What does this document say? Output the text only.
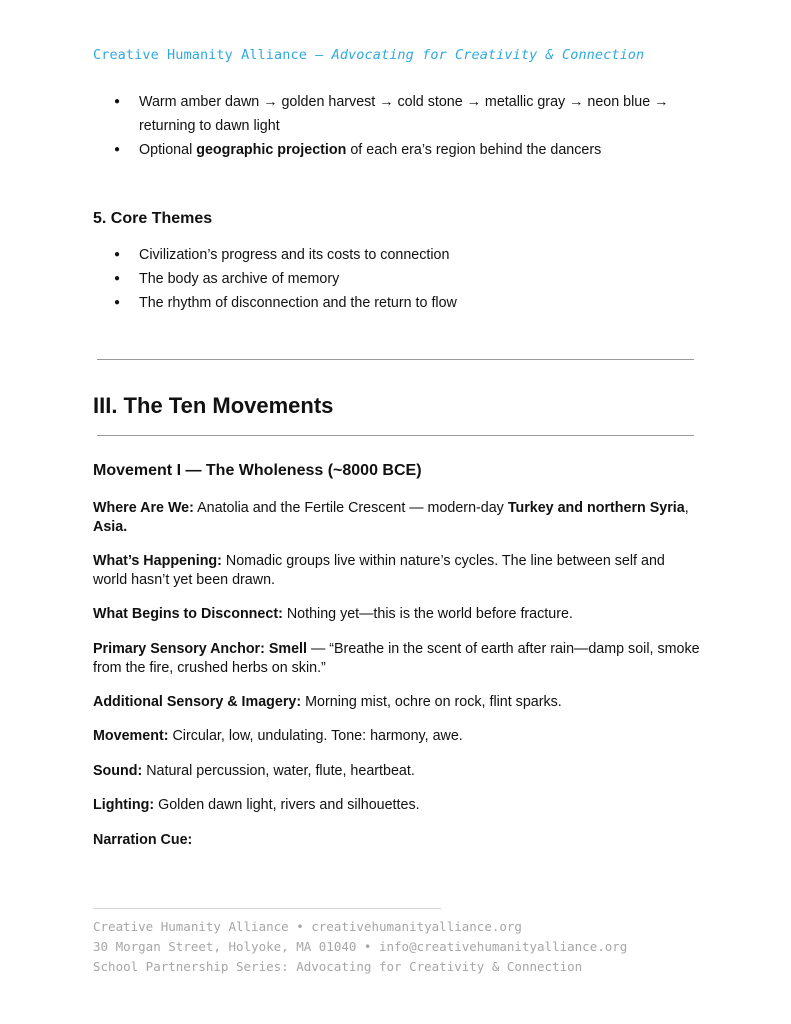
Creative Humanity Alliance — Advocating for Creativity & Connection
● Warm amber dawn → golden harvest → cold stone → metallic gray → neon blue → returning to dawn light
● Optional geographic projection of each era’s region behind the dancers
5. Core Themes
● Civilization’s progress and its costs to connection
● The body as archive of memory
● The rhythm of disconnection and the return to flow
III. The Ten Movements
Movement I — The Wholeness (~8000 BCE)

Where Are We: Anatolia and the Fertile Crescent — modern-day Turkey and northern Syria, Asia.

What’s Happening: Nomadic groups live within nature’s cycles. The line between self and world hasn’t yet been drawn.

What Begins to Disconnect: Nothing yet—this is the world before fracture.

Primary Sensory Anchor: Smell — “Breathe in the scent of earth after rain—damp soil, smoke from the fire, crushed herbs on skin.”

Additional Sensory & Imagery: Morning mist, ochre on rock, flint sparks.

Movement: Circular, low, undulating. Tone: harmony, awe.

Sound: Natural percussion, water, flute, heartbeat.

Lighting: Golden dawn light, rivers and silhouettes.

Narration Cue:

Creative Humanity Alliance • creativehumanityalliance.org
30 Morgan Street, Holyoke, MA 01040 • info@creativehumanityalliance.org
School Partnership Series: Advocating for Creativity & Connection
